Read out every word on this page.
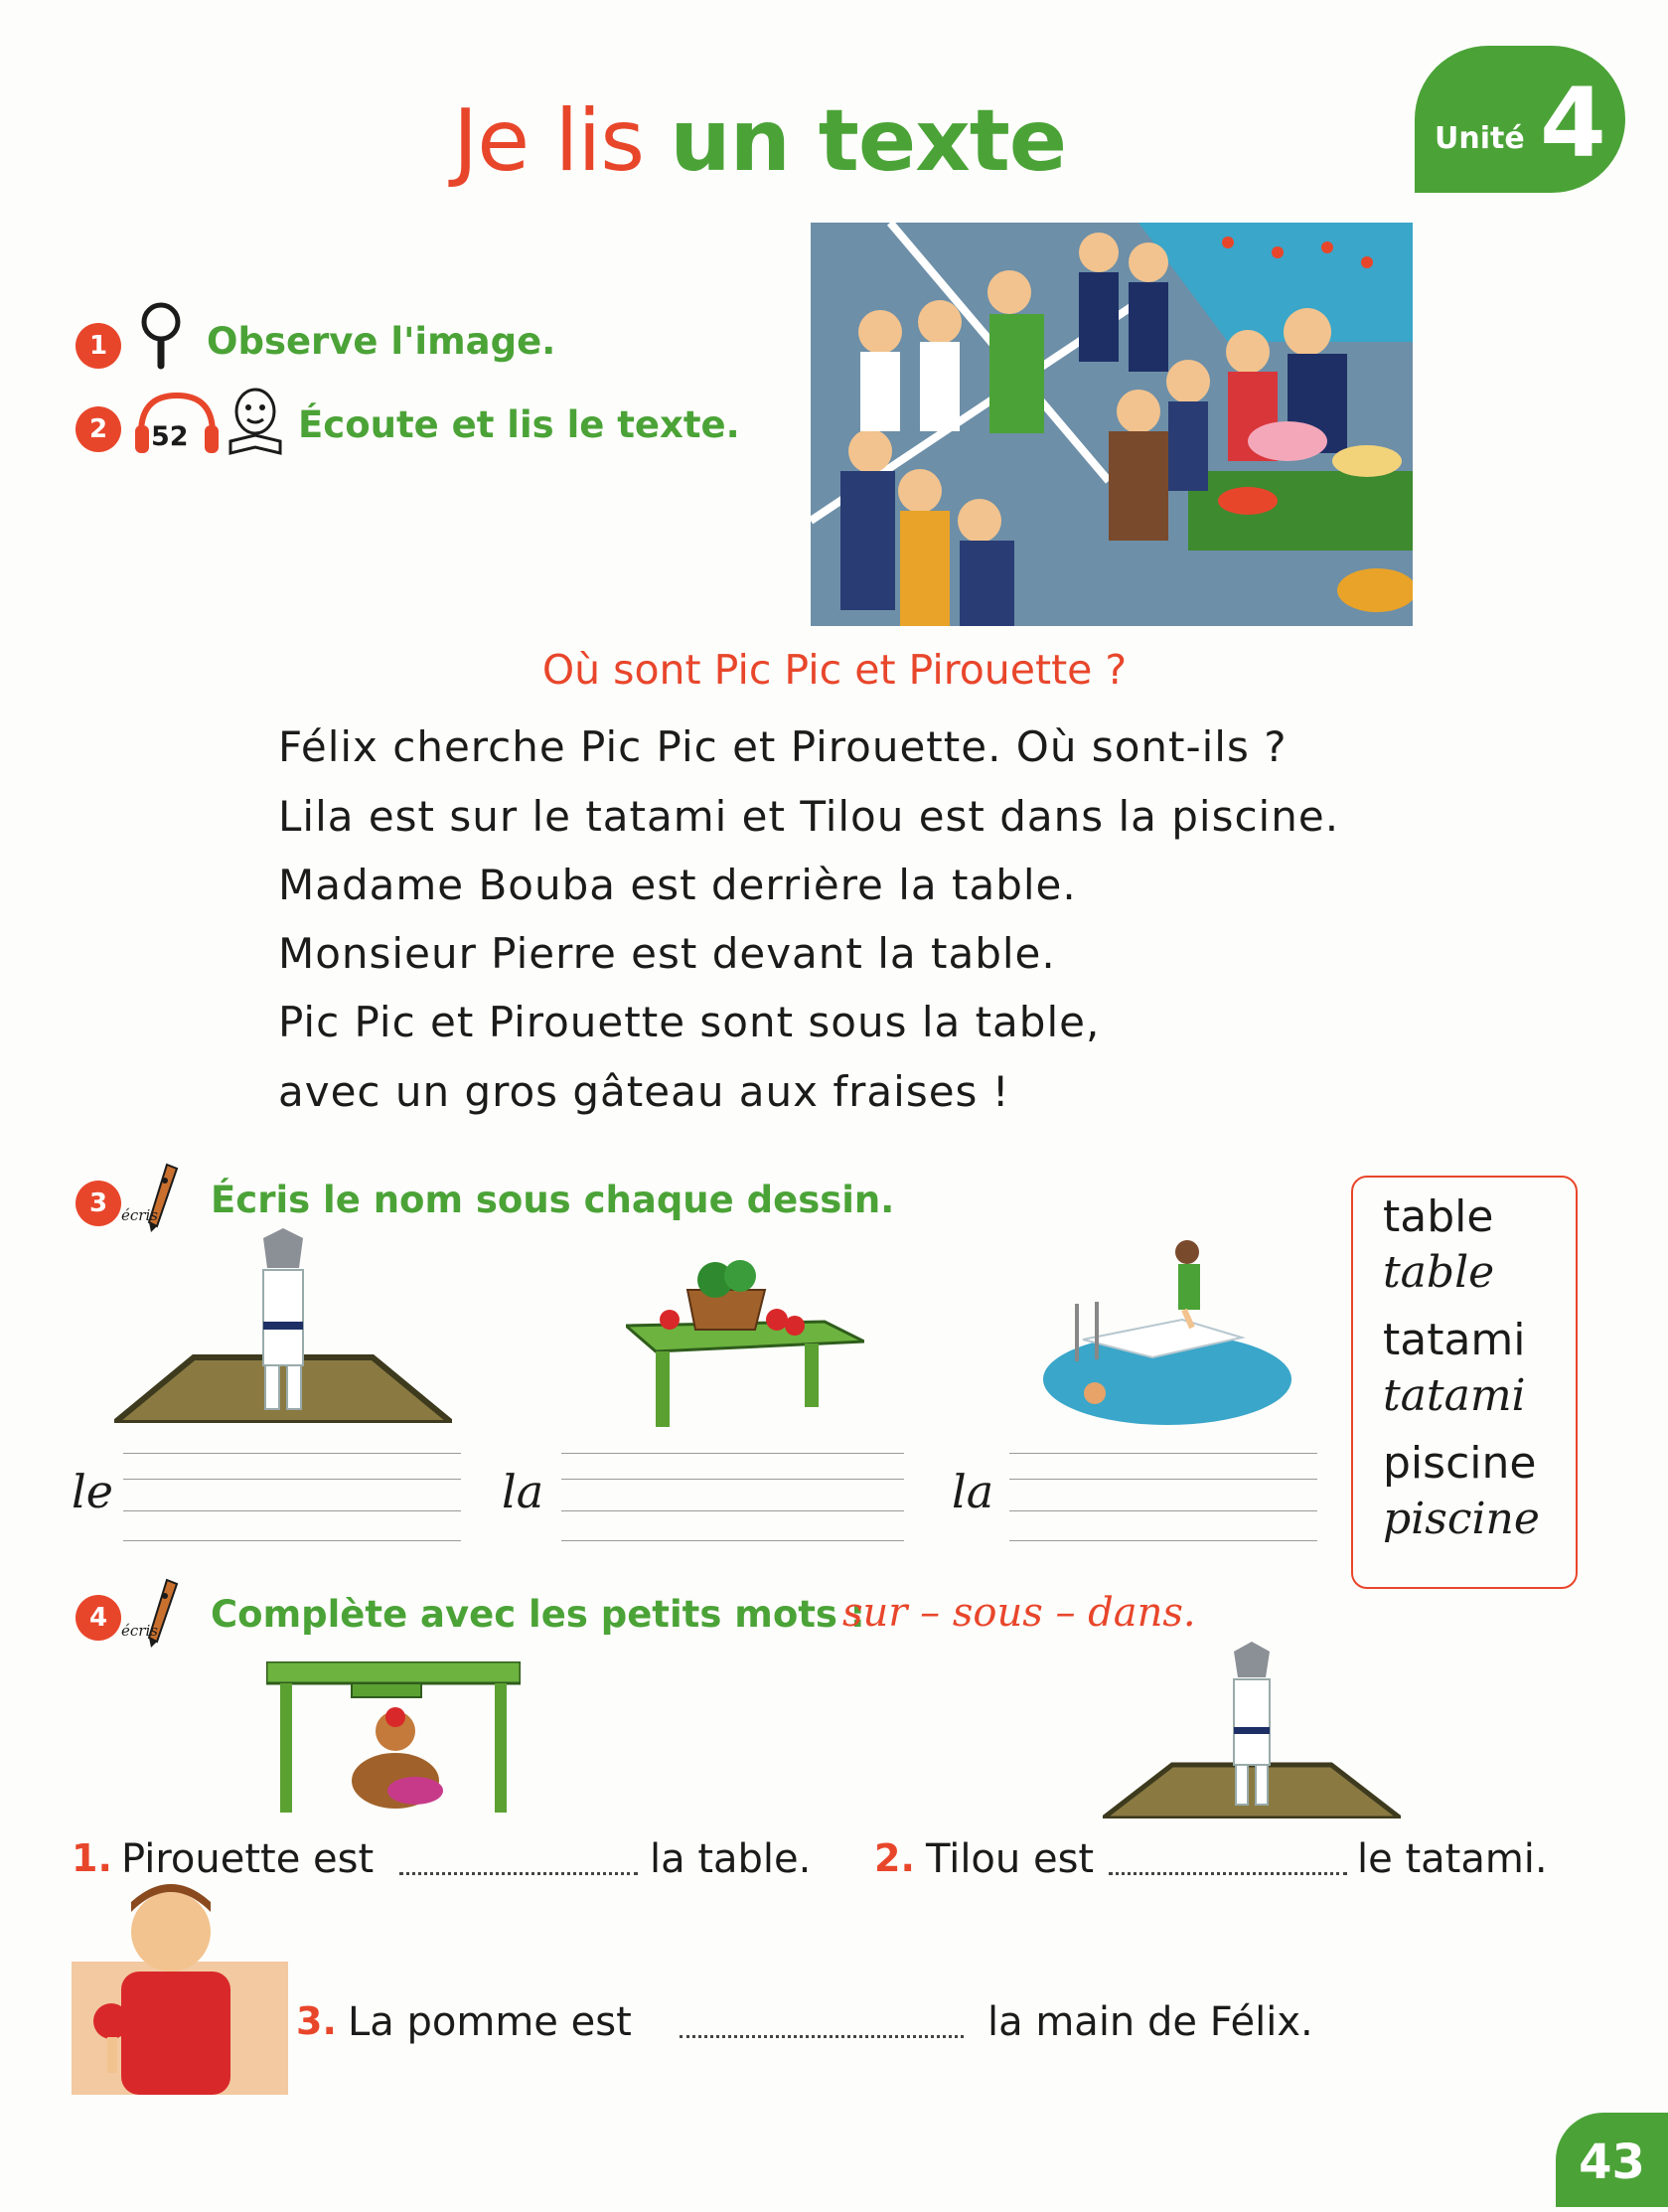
Je lis un texte	Unité 4
1	Observe l'image.
2	52	Écoute et lis le texte.
Où sont Pic Pic et Pirouette ?
Félix cherche Pic Pic et Pirouette. Où sont-ils ?
Lila est sur le tatami et Tilou est dans la piscine.
Madame Bouba est derrière la table.
Monsieur Pierre est devant la table.
Pic Pic et Pirouette sont sous la table,
avec un gros gâteau aux fraises !
3 écris Écris le nom sous chaque dessin.
le	la	la
table
table
tatami
tatami
piscine
piscine
4 écris Complète avec les petits mots :
sur – sous – dans.
1. Pirouette est	la table. 2. Tilou est	le tatami.
3. La pomme est	la main de Félix.
43
